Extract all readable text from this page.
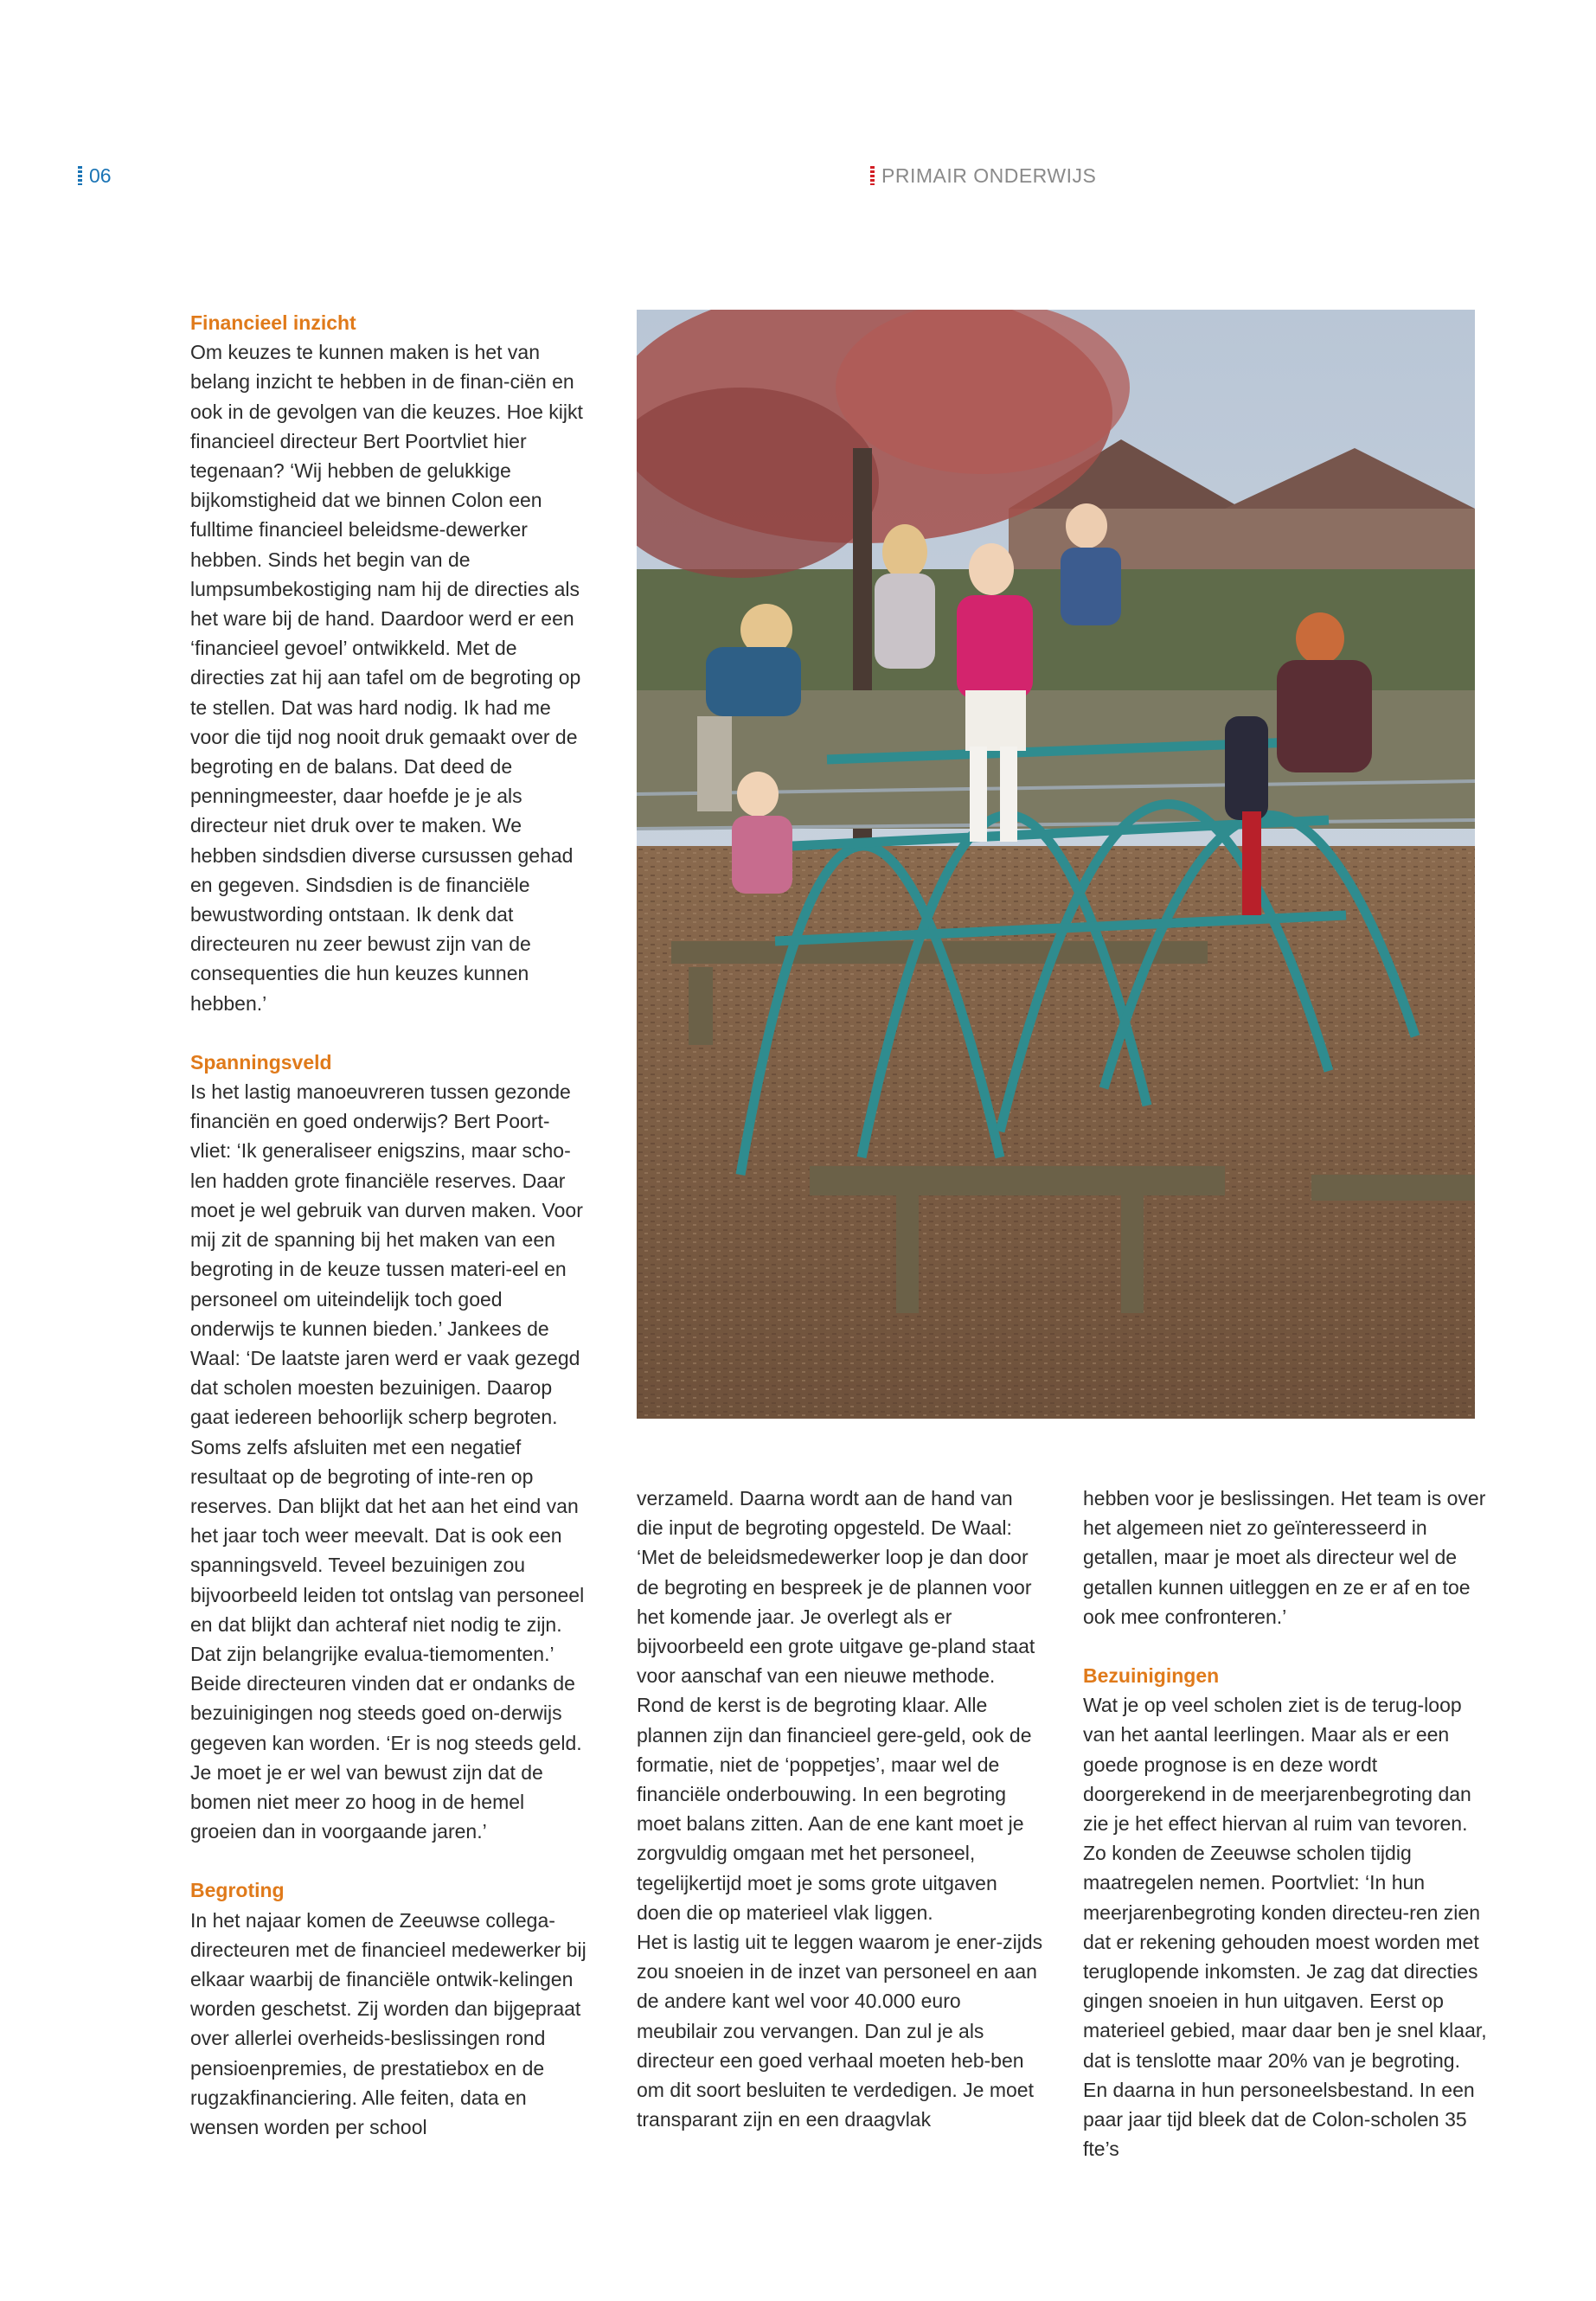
06	PRIMAIR ONDERWIJS
Financieel inzicht

Om keuzes te kunnen maken is het van belang inzicht te hebben in de finan-ciën en ook in de gevolgen van die keuzes. Hoe kijkt financieel directeur Bert Poortvliet hier tegenaan? ‘Wij hebben de gelukkige bijkomstigheid dat we binnen Colon een fulltime financieel beleidsme-dewerker hebben. Sinds het begin van de lumpsumbekostiging nam hij de directies als het ware bij de hand. Daardoor werd er een ‘financieel gevoel’ ontwikkeld. Met de directies zat hij aan tafel om de begroting op te stellen. Dat was hard nodig. Ik had me voor die tijd nog nooit druk gemaakt over de begroting en de balans. Dat deed de penningmeester, daar hoefde je je als directeur niet druk over te maken. We hebben sindsdien diverse cursussen gehad en gegeven. Sindsdien is de financiële bewustwording ontstaan. Ik denk dat directeuren nu zeer bewust zijn van de consequenties die hun keuzes kunnen hebben.’

Spanningsveld

Is het lastig manoeuvreren tussen gezonde financiën en goed onderwijs? Bert Poort-vliet: ‘Ik generaliseer enigszins, maar scho-len hadden grote financiële reserves. Daar moet je wel gebruik van durven maken. Voor mij zit de spanning bij het maken van een begroting in de keuze tussen materi-eel en personeel om uiteindelijk toch goed onderwijs te kunnen bieden.’ Jankees de Waal: ‘De laatste jaren werd er vaak gezegd dat scholen moesten bezuinigen. Daarop gaat iedereen behoorlijk scherp begroten. Soms zelfs afsluiten met een negatief resultaat op de begroting of inte-ren op reserves. Dan blijkt dat het aan het eind van het jaar toch weer meevalt. Dat is ook een spanningsveld. Teveel bezuinigen zou bijvoorbeeld leiden tot ontslag van personeel en dat blijkt dan achteraf niet nodig te zijn. Dat zijn belangrijke evalua-tiemomenten.’

Beide directeuren vinden dat er ondanks de bezuinigingen nog steeds goed on-derwijs gegeven kan worden. ‘Er is nog steeds geld. Je moet je er wel van bewust zijn dat de bomen niet meer zo hoog in de hemel groeien dan in voorgaande jaren.’

Begroting

In het najaar komen de Zeeuwse collega-directeuren met de financieel medewerker bij elkaar waarbij de financiële ontwik-kelingen worden geschetst. Zij worden dan bijgepraat over allerlei overheids-beslissingen rond pensioenpremies, de prestatiebox en de rugzakfinanciering. Alle feiten, data en wensen worden per school

verzameld. Daarna wordt aan de hand van die input de begroting opgesteld. De Waal: ‘Met de beleidsmedewerker loop je dan door de begroting en bespreek je de plannen voor het komende jaar. Je overlegt als er bijvoorbeeld een grote uitgave ge-pland staat voor aanschaf van een nieuwe methode. Rond de kerst is de begroting klaar. Alle plannen zijn dan financieel gere-geld, ook de formatie, niet de ‘poppetjes’, maar wel de financiële onderbouwing. In een begroting moet balans zitten. Aan de ene kant moet je zorgvuldig omgaan met het personeel, tegelijkertijd moet je soms grote uitgaven doen die op materieel vlak liggen.

Het is lastig uit te leggen waarom je ener-zijds zou snoeien in de inzet van personeel en aan de andere kant wel voor 40.000 euro meubilair zou vervangen. Dan zul je als directeur een goed verhaal moeten heb-ben om dit soort besluiten te verdedigen. Je moet transparant zijn en een draagvlak

hebben voor je beslissingen. Het team is over het algemeen niet zo geïnteresseerd in getallen, maar je moet als directeur wel de getallen kunnen uitleggen en ze er af en toe ook mee confronteren.’

Bezuinigingen

Wat je op veel scholen ziet is de terug-loop van het aantal leerlingen. Maar als er een goede prognose is en deze wordt doorgerekend in de meerjarenbegroting dan zie je het effect hiervan al ruim van tevoren. Zo konden de Zeeuwse scholen tijdig maatregelen nemen. Poortvliet: ‘In hun meerjarenbegroting konden directeu-ren zien dat er rekening gehouden moest worden met teruglopende inkomsten. Je zag dat directies gingen snoeien in hun uitgaven. Eerst op materieel gebied, maar daar ben je snel klaar, dat is tenslotte maar 20% van je begroting. En daarna in hun personeelsbestand. In een paar jaar tijd bleek dat de Colon-scholen 35 fte’s
